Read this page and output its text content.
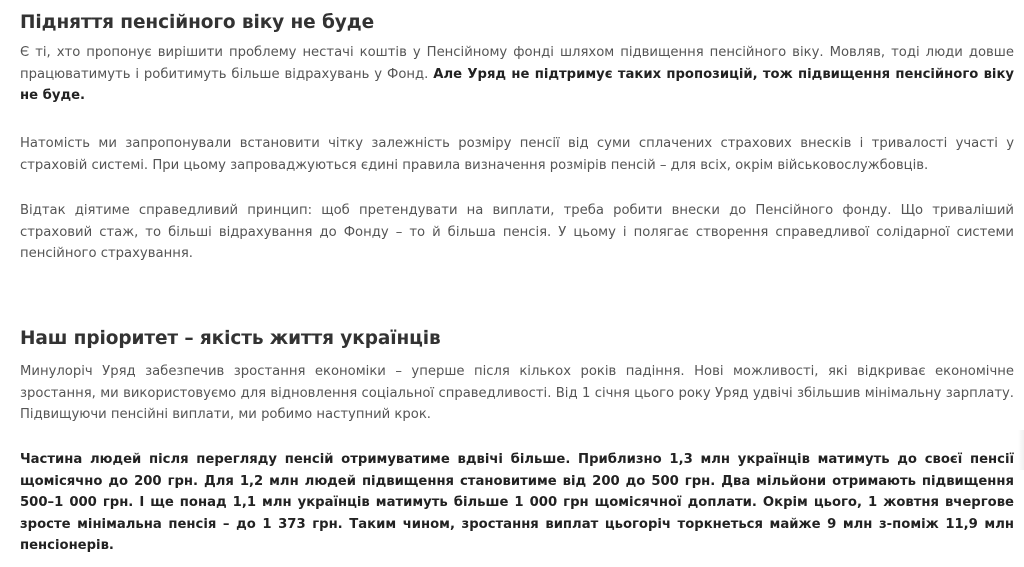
Підняття пенсійного віку не буде

Є ті, хто пропонує вирішити проблему нестачі коштів у Пенсійному фонді шляхом підвищення пенсійного віку. Мовляв, тоді люди довше працюватимуть і робитимуть більше відрахувань у Фонд. Але Уряд не підтримує таких пропозицій, тож підвищення пенсійного віку не буде.

Натомість ми запропонували встановити чітку залежність розміру пенсії від суми сплачених страхових внесків і тривалості участі у страховій системі. При цьому запроваджуються єдині правила визначення розмірів пенсій – для всіх, окрім військовослужбовців.

Відтак діятиме справедливий принцип: щоб претендувати на виплати, треба робити внески до Пенсійного фонду. Що триваліший страховий стаж, то більші відрахування до Фонду – то й більша пенсія. У цьому і полягає створення справедливої солідарної системи пенсійного страхування.

Наш пріоритет – якість життя українців

Минулоріч Уряд забезпечив зростання економіки – уперше після кількох років падіння. Нові можливості, які відкриває економічне зростання, ми використовуємо для відновлення соціальної справедливості. Від 1 січня цього року Уряд удвічі збільшив мінімальну зарплату. Підвищуючи пенсійні виплати, ми робимо наступний крок.

Частина людей після перегляду пенсій отримуватиме вдвічі більше. Приблизно 1,3 млн українців матимуть до своєї пенсії щомісячно до 200 грн. Для 1,2 млн людей підвищення становитиме від 200 до 500 грн. Два мільйони отримають підвищення 500–1 000 грн. І ще понад 1,1 млн українців матимуть більше 1 000 грн щомісячної доплати. Окрім цього, 1 жовтня вчергове зросте мінімальна пенсія – до 1 373 грн. Таким чином, зростання виплат цьогоріч торкнеться майже 9 млн з-поміж 11,9 млн пенсіонерів.
